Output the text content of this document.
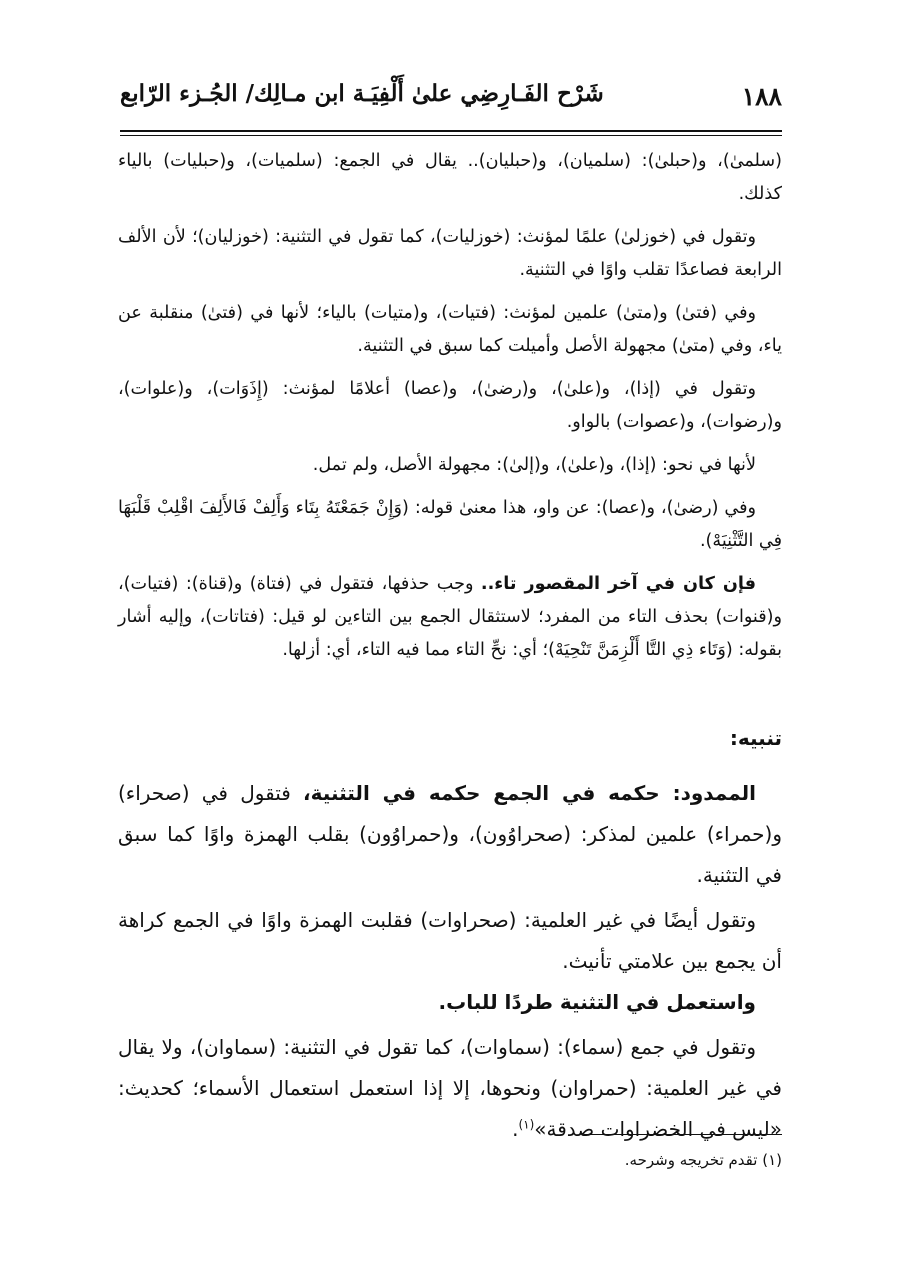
١٨٨
شَرْح الفَـارِضِي علىٰ أَلْفِيَـة ابن مـالِك/ الجُـزء الرّابع

(سلمىٰ)، و(حبلىٰ): (سلميان)، و(حبليان).. يقال في الجمع: (سلميات)، و(حبليات) بالياء كذلك.

وتقول في (خوزلىٰ) علمًا لمؤنث: (خوزليات)، كما تقول في التثنية: (خوزليان)؛ لأن الألف الرابعة فصاعدًا تقلب واوًا في التثنية.

وفي (فتىٰ) و(متىٰ) علمين لمؤنث: (فتيات)، و(متيات) بالياء؛ لأنها في (فتىٰ) منقلبة عن ياء، وفي (متىٰ) مجهولة الأصل وأميلت كما سبق في التثنية.

وتقول في (إذا)، و(علىٰ)، و(رضىٰ)، و(عصا) أعلامًا لمؤنث: (إِذَوَات)، و(علوات)، و(رضوات)، و(عصوات) بالواو.

لأنها في نحو: (إذا)، و(علىٰ)، و(إلىٰ): مجهولة الأصل، ولم تمل.

وفي (رضىٰ)، و(عصا): عن واو، هذا معنىٰ قوله: (وَإِنْ جَمَعْتَهُ بِتَاء وَأَلِفْ فَالأَلِفَ اقْلِبْ قَلْبَهَا فِي التَّثْنِيَهْ).

فإن كان في آخر المقصور تاء.. وجب حذفها، فتقول في (فتاة) و(قناة): (فتيات)، و(قنوات) بحذف التاء من المفرد؛ لاستثقال الجمع بين التاءين لو قيل: (فتاتات)، وإليه أشار بقوله: (وَتَاء ذِي التَّا أَلْزِمَنَّ تَنْحِيَهْ)؛ أي: نحِّ التاء مما فيه التاء، أي: أزلها.

تنبيه:

الممدود: حكمه في الجمع حكمه في التثنية، فتقول في (صحراء) و(حمراء) علمين لمذكر: (صحراوُون)، و(حمراوُون) بقلب الهمزة واوًا كما سبق في التثنية.

وتقول أيضًا في غير العلمية: (صحراوات) فقلبت الهمزة واوًا في الجمع كراهة أن يجمع بين علامتي تأنيث.

واستعمل في التثنية طردًا للباب.

وتقول في جمع (سماء): (سماوات)، كما تقول في التثنية: (سماوان)، ولا يقال في غير العلمية: (حمراوان) ونحوها، إلا إذا استعمل استعمال الأسماء؛ كحديث: «ليس في الخضراوات صدقة»$^{(١)}$.

(١) تقدم تخريجه وشرحه.
